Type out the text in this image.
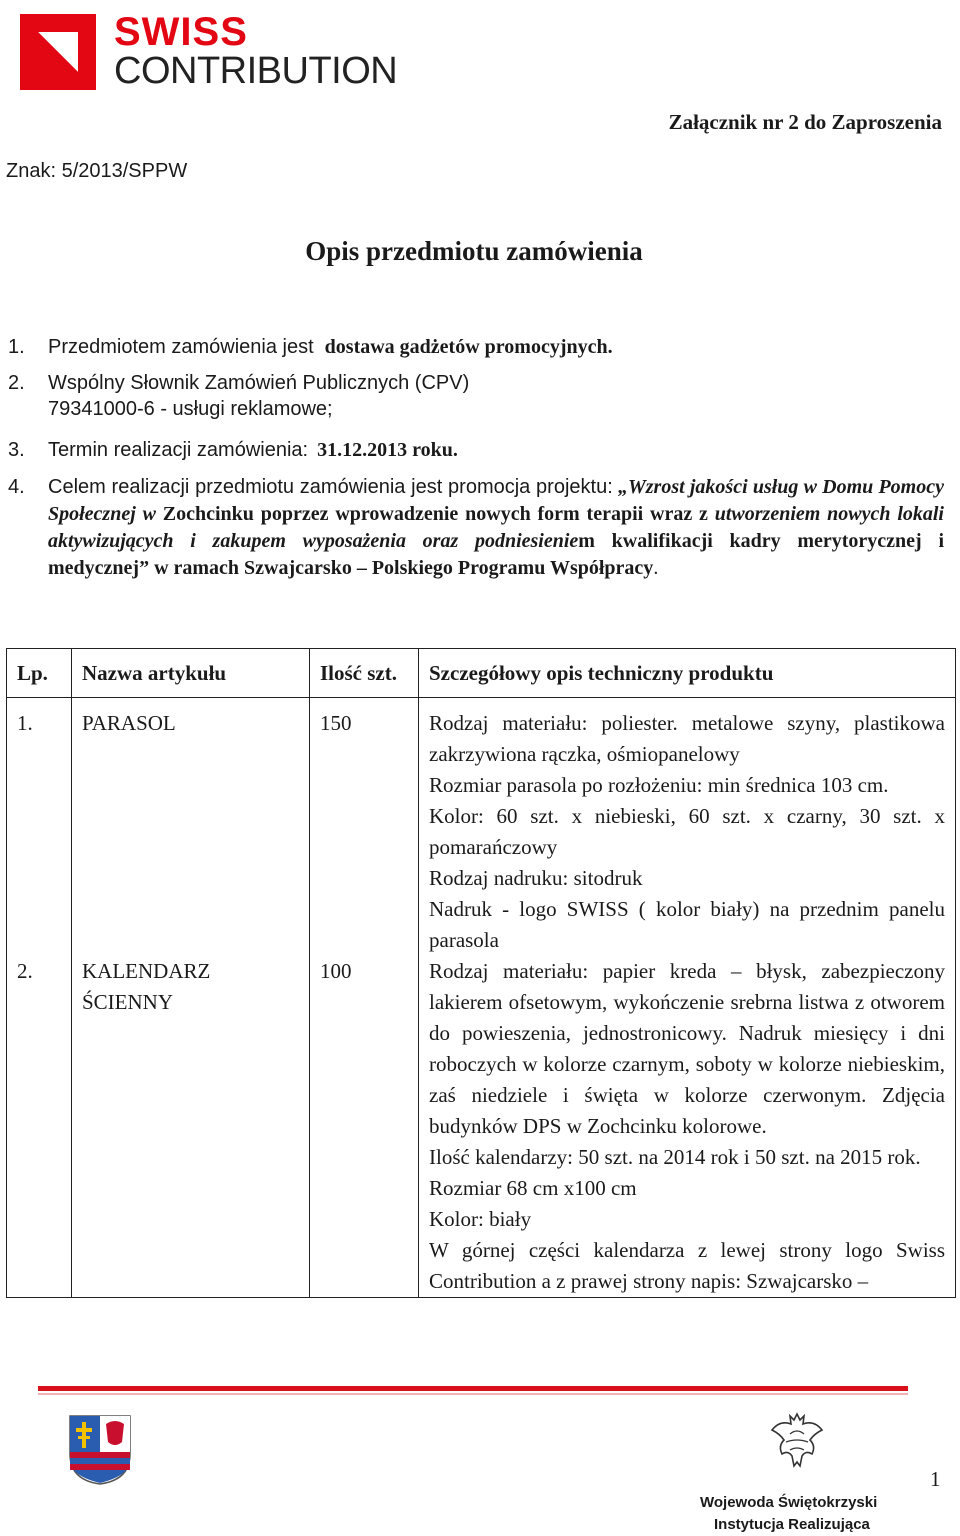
SWISS
CONTRIBUTION
Załącznik nr 2 do Zaproszenia
Znak: 5/2013/SPPW
Opis przedmiotu zamówienia
1. Przedmiotem zamówienia jest dostawa gadżetów promocyjnych.
2. Wspólny Słownik Zamówień Publicznych (CPV)
79341000-6 - usługi reklamowe;
3. Termin realizacji zamówienia: 31.12.2013 roku.
4. Celem realizacji przedmiotu zamówienia jest promocja projektu: „Wzrost jakości usług w Domu Pomocy Społecznej w Zochcinku poprzez wprowadzenie nowych form terapii wraz z utworzeniem nowych lokali aktywizujących i zakupem wyposażenia oraz podniesieniem kwalifikacji kadry merytorycznej i medycznej” w ramach Szwajcarsko – Polskiego Programu Współpracy.
Lp.	Nazwa artykułu	Ilość szt.	Szczegółowy opis techniczny produktu
1.	PARASOL	150	Rodzaj materiału: poliester. metalowe szyny, plastikowa zakrzywiona rączka, ośmiopanelowy
Rozmiar parasola po rozłożeniu: min średnica 103 cm.
Kolor: 60 szt. x niebieski, 60 szt. x czarny, 30 szt. x pomarańczowy
Rodzaj nadruku: sitodruk
Nadruk - logo SWISS ( kolor biały) na przednim panelu parasola

2.	KALENDARZ ŚCIENNY	100	Rodzaj materiału: papier kreda – błysk, zabezpieczony lakierem ofsetowym, wykończenie srebrna listwa z otworem do powieszenia, jednostronicowy. Nadruk miesięcy i dni roboczych w kolorze czarnym, soboty w kolorze niebieskim, zaś niedziele i święta w kolorze czerwonym. Zdjęcia budynków DPS w Zochcinku kolorowe.
Ilość kalendarzy: 50 szt. na 2014 rok i 50 szt. na 2015 rok.
Rozmiar 68 cm x100 cm
Kolor: biały
W górnej części kalendarza z lewej strony logo Swiss Contribution a z prawej strony napis: Szwajcarsko –
1
Wojewoda Świętokrzyski
Instytucja Realizująca
